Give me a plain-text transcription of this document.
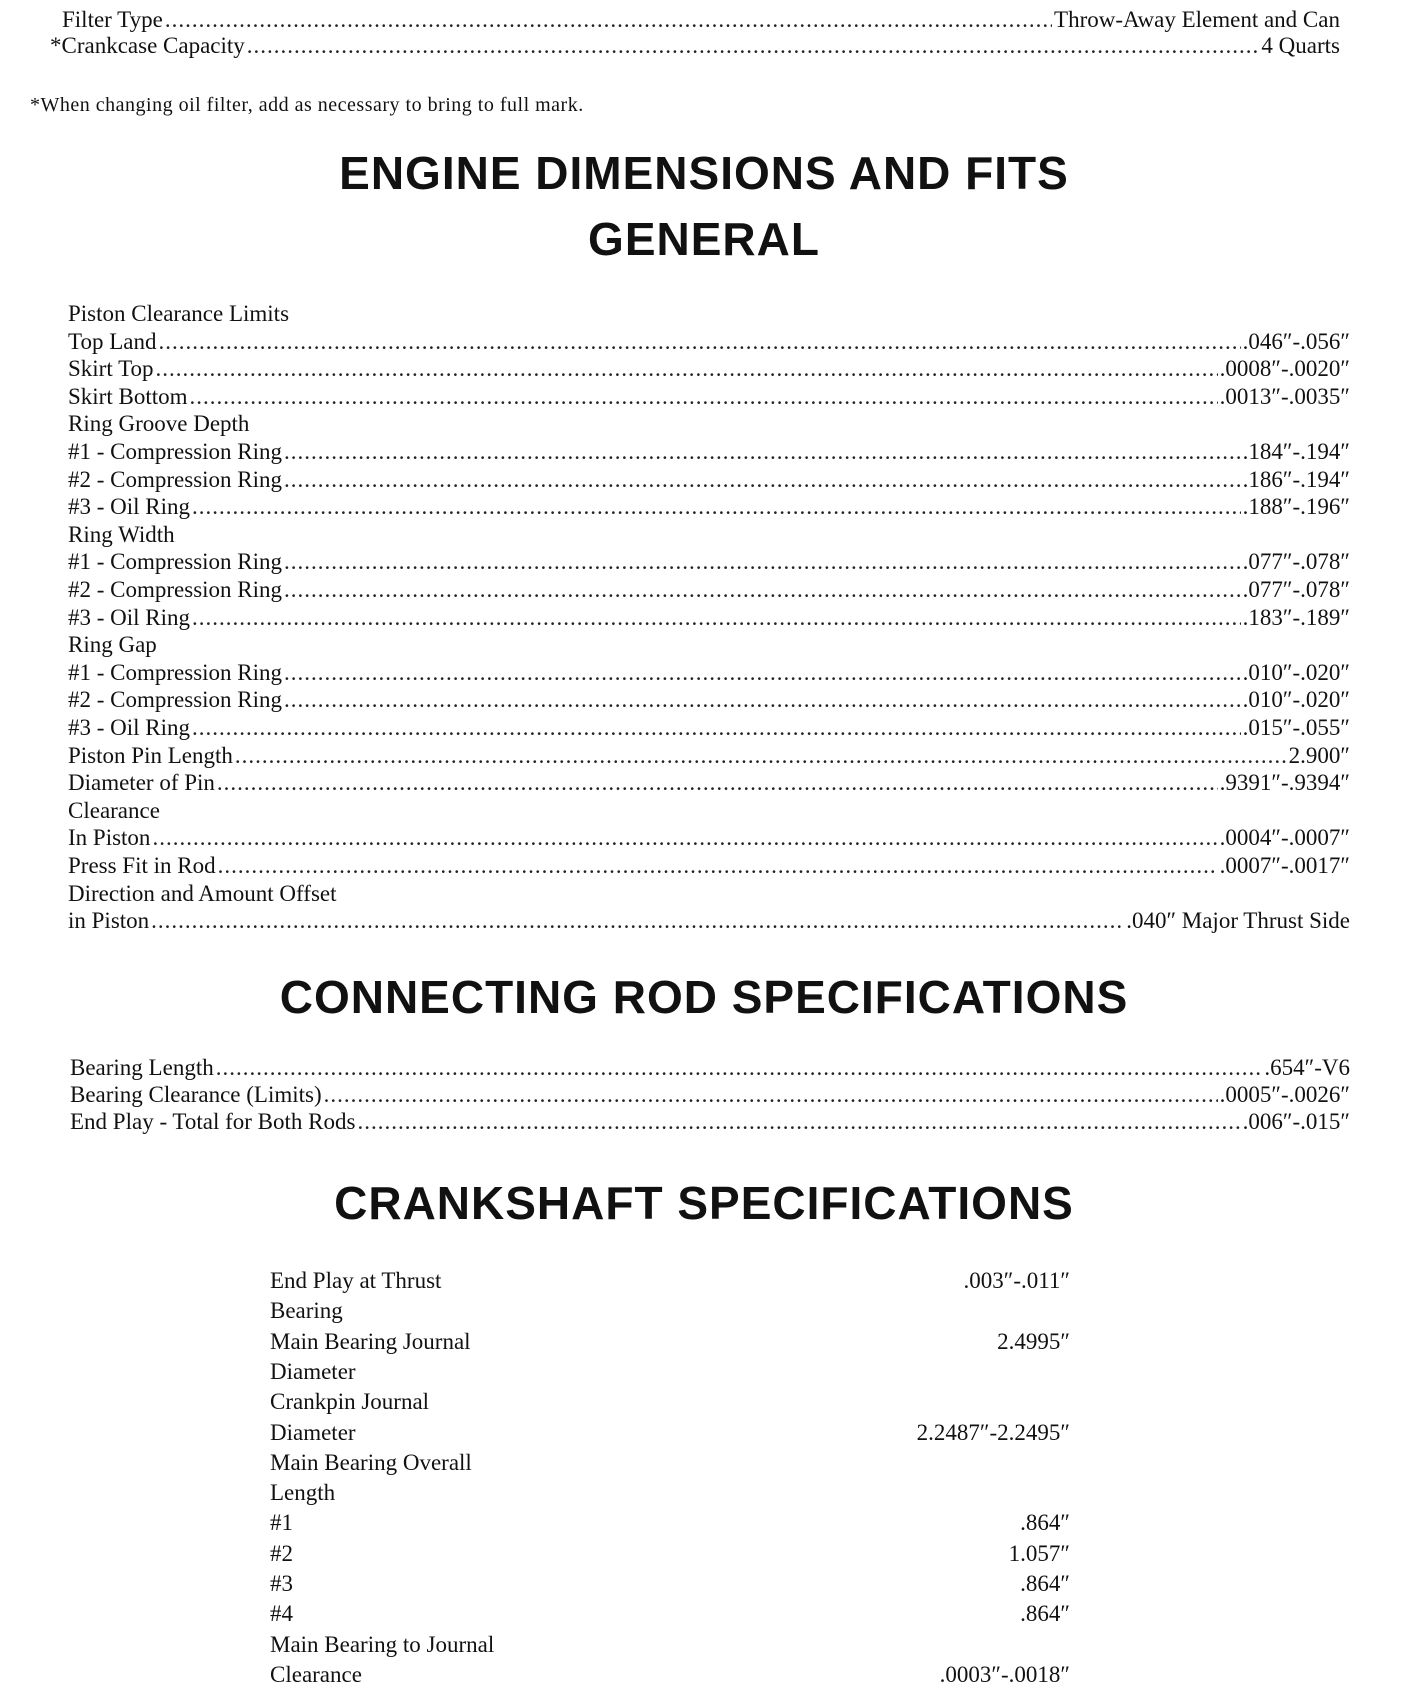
Filter Type .....	Throw-Away Element and Can
*Crankcase Capacity .....	4 Quarts
*When changing oil filter, add as necessary to bring to full mark.
ENGINE DIMENSIONS AND FITS
GENERAL
Piston Clearance Limits
Top Land .....	.046″-.056″
Skirt Top .....	.0008″-.0020″
Skirt Bottom .....	.0013″-.0035″
Ring Groove Depth
#1 - Compression Ring .....	.184″-.194″
#2 - Compression Ring .....	.186″-.194″
#3 - Oil Ring .....	.188″-.196″
Ring Width
#1 - Compression Ring .....	.077″-.078″
#2 - Compression Ring .....	.077″-.078″
#3 - Oil Ring .....	.183″-.189″
Ring Gap
#1 - Compression Ring .....	.010″-.020″
#2 - Compression Ring .....	.010″-.020″
#3 - Oil Ring .....	.015″-.055″
Piston Pin Length .....	2.900″
Diameter of Pin .....	.9391″-.9394″
Clearance
In Piston .....	.0004″-.0007″
Press Fit in Rod .....	.0007″-.0017″
Direction and Amount Offset
in Piston .....	.040″ Major Thrust Side
CONNECTING ROD SPECIFICATIONS
Bearing Length .....	.654″-V6
Bearing Clearance (Limits) .....	.0005″-.0026″
End Play - Total for Both Rods .....	.006″-.015″
CRANKSHAFT SPECIFICATIONS
End Play at Thrust	.003″-.011″
Bearing
Main Bearing Journal	2.4995″
Diameter
Crankpin Journal
Diameter	2.2487″-2.2495″
Main Bearing Overall
Length
#1	.864″
#2	1.057″
#3	.864″
#4	.864″
Main Bearing to Journal
Clearance	.0003″-.0018″
